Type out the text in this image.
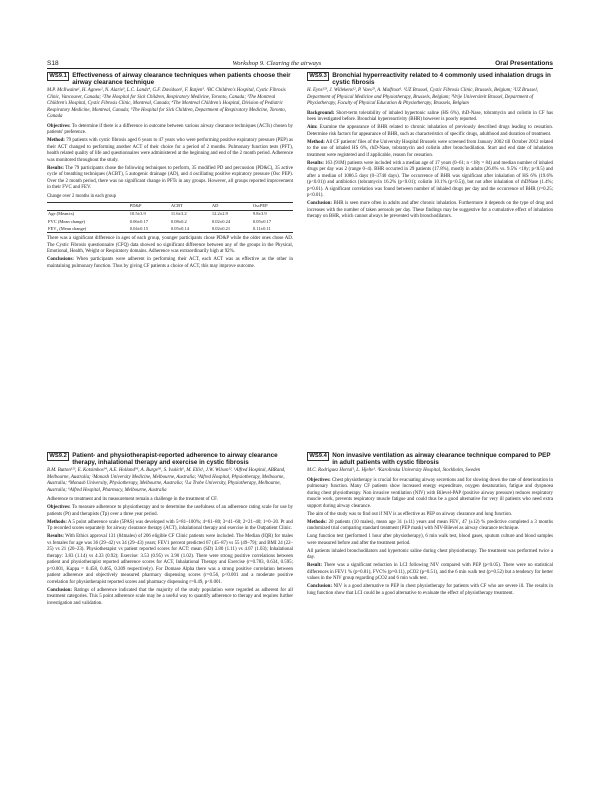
S18	Workshop 9. Clearing the airways	Oral Presentations
WS9.1 Effectiveness of airway clearance techniques when patients choose their airway clearance technique
M.P. McIlwaine¹, H. Agnew², N. Alarie³, L.C. Lands⁴, G.F. Davidson¹, F. Ratjen⁵. ¹BC Children's Hospital, Cystic Fibrosis Clinic, Vancouver, Canada; ²The Hospital for Sick Children, Respiratory Medicine, Toronto, Canada; ³The Montreal Children's Hospital, Cystic Fibrosis Clinic, Montreal, Canada; ⁴The Montreal Children's Hospital, Division of Pediatric Respiratory Medicine, Montreal, Canada; ⁵The Hospital for Sick Children, Department of Respiratory Medicine, Toronto, Canada

Objectives: To determine if there is a difference in outcome between various airway clearance techniques (ACTs) chosen by patients' preference.

Method: 79 patients with cystic fibrosis aged 6 years to 47 years who were performing positive expiratory pressure (PEP) as their ACT changed to performing another ACT of their choice for a period of 2 months. Pulmonary function tests (PFT), health related quality of life and questionnaires were administered at the beginning and end of the 2 month period. Adherence was monitored throughout the study.

Results: The 79 participants chose the following techniques to perform, 35 modified PD and percussion (PD&C), 35 active cycle of breathing techniques (ACBT), 5 autogenic drainage (AD), and 4 oscillating positive expiratory pressure (Osc PEP). Over the 2 month period, there was no significant change in PFTs in any groups. However, all groups reported improvement in their FVC and FEV.

Change over 2 months in each group
	PD&P	ACBT	AD	OscPEP
Age (Mean±s)	10.5±3.9	11.6±3.2	12.2±2.9	9.8±3.9
FVC (Mean change)	0.06±0.17	0.08±0.2	0.02±0.24	0.05±0.17
FEV₁ (Mean change)	0.04±0.15	0.05±0.14	0.02±0.21	0.11±0.11

There was a significant difference in ages of each group, younger participants chose PD&P while the older ones chose AD. The Cystic Fibrosis questionnaire (CFQ) data showed no significant difference between any of the groups in the Physical, Emotional, Health, Weight or Respiratory domains. Adherence was extraordinarily high at 92%.

Conclusions: When participants were adherent in performing their ACT, each ACT was as effective as the other in maintaining pulmonary function. Thus by giving CF patients a choice of ACT, this may improve outcome.

WS9.3 Bronchial hyperreactivity related to 4 commonly used inhalation drugs in cystic fibrosis
H. Eyns¹²³, J. Willekens¹², P. Vaes²³, A. Malfroot¹. ¹UZ Brussel, Cystic Fibrosis Clinic, Brussels, Belgium; ²UZ Brussel, Department of Physical Medicine and Physiotherapy, Brussels, Belgium; ³Vrije Universiteit Brussel, Department of Physiotherapy, Faculty of Physical Education & Physiotherapy, Brussels, Belgium

Background: Short-term tolerability of inhaled hypertonic saline (HS 6%), rhD-Nase, tobramycin and colistin in CF has been investigated before. Bronchial hyperreactivity (BHR) however is poorly reported.

Aim: Examine the appearance of BHR related to chronic inhalation of previously described drugs leading to cessation. Determine risk factors for appearance of BHR, such as characteristics of specific drugs, adulthood and duration of treatment.

Method: All CF patients' files of the University Hospital Brussels were screened from January 2002 till October 2012 related to the use of inhaled HS 6%, rhD-Nase, tobramycin and colistin after bronchodilation. Start and end date of inhalation treatment were registered and if applicable, reason for cessation.

Results: 163 (91M) patients were included with a median age of 17 years (0–61; n <18y = 84) and median number of inhaled drugs per day was 2 (range 0–4). BHR occurred in 29 patients (17.8%), mostly in adults (26.6% vs. 9.5% <18y; p<0.5) and after a median of 1086.5 days (0–3740 days). The occurrence of BHR was significant after inhalation of HS 6% (19.6% (p<0.01)) and antibiotics (tobramycin 16.2% (p<0.01); colistin 10.1% (p<0.5)), but not after inhalation of rhDNase (1.4%; p=0.61). A significant correlation was found between number of inhaled drugs per day and the occurrence of BHR (r=0.25; p<0.01).

Conclusion: BHR is seen more often in adults and after chronic inhalation. Furthermore it depends on the type of drug and increases with the number of taken aerosols per day. These findings may be suggestive for a cumulative effect of inhalation therapy on BHR, which cannot always be prevented with bronchodilators.

WS9.2 Patient- and physiotherapist-reported adherence to airway clearance therapy, inhalational therapy and exercise in cystic fibrosis
B.M. Button¹²³, E. Kotsimbos³⁴, A.E. Holland⁵⁶, A. Burge⁵⁶, S. Ivulich⁶, M. Ellis¹, J.W. Wilson¹². ¹Alfred Hospital, ABRand, Melbourne, Australia; ²Monash University Medicine, Melbourne, Australia; ³Alfred Hospital, Physiotherapy, Melbourne, Australia; ⁴Monash University, Physiotherapy, Melbourne, Australia; ⁵La Trobe University, Physiotherapy, Melbourne, Australia; ⁶Alfred Hospital, Pharmacy, Melbourne, Australia

Adherence to treatment and its measurement remain a challenge in the treatment of CF.

Objectives: To measure adherence to physiotherapy and to determine the usefulness of an adherence rating scale for use by patients (Pt) and therapists (Tp) over a three year period.

Methods: A 5 point adherence scale (5PAS) was developed with 5=81–100%; 4=61–80; 3=41–60; 2=21–40; 1=0–20. Pt and Tp recorded scores separately for airway clearance therapy (ACT), inhalational therapy and exercise in the Outpatient Clinic.

Results: With Ethics approval 131 (84males) of 206 eligible CF Clinic patients were included. The Median (IQR) for males vs females for age was 36 (29–42) vs 34 (29–43) years; FEV1 percent predicted 67 (45–87) vs 55 (49–79); and BMI 24 (22–25) vs 21 (20–23). Physiotherapist vs patient reported scores for ACT: mean (SD) 3.80 (1.11) vs 4.07 (1.03); Inhalational therapy: 3.83 (1.14) vs 4.33 (0.92); Exercise: 3.53 (0.95) vs 3.90 (1.02). There were strong positive correlations between patient and physiotherapist reported adherence scores for ACT, Inhalational Therapy and Exercise (r=0.783, 0.634, 0.595; p<0.001, Kappa = 0.458, 0.465, 0.309 respectively). For Domase Alpha there was a strong positive correlation between patient adherence and objectively measured pharmacy dispensing scores (r=0.56, p<0.001 and a moderate positive correlation for physiotherapist reported scores and pharmacy dispensing r=0.49, p<0.001.

Conclusion: Ratings of adherence indicated that the majority of the study population were regarded as adherent for all treatment categories. This 5 point adherence scale may be a useful way to quantify adherence to therapy and requires further investigation and validation.

WS9.4 Non invasive ventilation as airway clearance technique compared to PEP in adult patients with cystic fibrosis
M.C. Rodriguez Hortal¹, L. Hjelte¹. ¹Karolinska University Hospital, Stockholm, Sweden

Objectives: Chest physiotherapy is crucial for evacuating airway secretions and for slowing down the rate of deterioration in pulmonary function. Many CF patients show increased energy expenditure, oxygen desaturation, fatigue and dyspnoea during chest physiotherapy. Non invasive ventilation (NIV) with Bilevel-PAP (positive airway pressure) reduces respiratory muscle work, prevents respiratory muscle fatigue and could thus be a good alternative for very ill patients who need extra support during airway clearance.

The aim of the study was to find out if NIV is as effective as PEP on airway clearance and lung function.

Methods: 20 patients (10 males), mean age 31 (±11) years and mean FEV₁ 47 (±12) % predictive completed a 3 months randomized trial comparing standard treatment (PEP mask) with NIV-Bilevel as airway clearance technique.

Lung function test (performed 1 hour after physiotherapy), 6 min walk test, blood gases, sputum culture and blood samples were measured before and after the treatment period.

All patients inhaled bronchodilators and hypertonic saline during chest physiotherapy. The treatment was performed twice a day.

Result: There was a significant reduction in LCI following NIV compared with PEP (p<0.05). There were no statistical differences in FEV1 % (p=0.81), FVC% (p=0.11), pCO2 (p=0.51), and the 6 min walk test (p=0.52) but a tendency for better values in the NIV group regarding pCO2 and 6 min walk test.

Conclusion: NIV is a good alternative to PEP in chest physiotherapy for patients with CF who are severe ill. The results in lung function show that LCI could be a good alternative to evaluate the effect of physiotherapy treatment.
